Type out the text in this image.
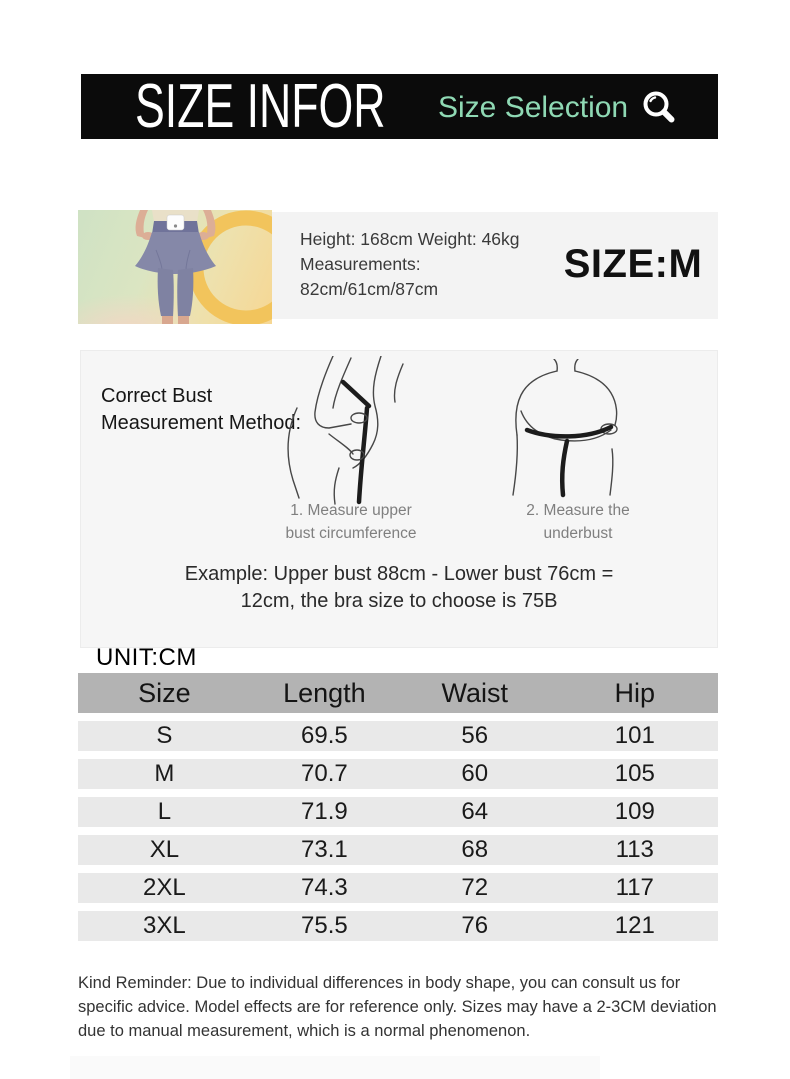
SIZE INFOR Size Selection
Height: 168cm Weight: 46kg
Measurements:
82cm/61cm/87cm
SIZE:M
Correct Bust
Measurement Method:
1. Measure upper
bust circumference
2. Measure the
underbust
Example: Upper bust 88cm - Lower bust 76cm =
12cm, the bra size to choose is 75B
UNIT:CM
Size	Length	Waist	Hip
S	69.5	56	101
M	70.7	60	105
L	71.9	64	109
XL	73.1	68	113
2XL	74.3	72	117
3XL	75.5	76	121
Kind Reminder: Due to individual differences in body shape, you can consult us for specific advice. Model effects are for reference only. Sizes may have a 2-3CM deviation due to manual measurement, which is a normal phenomenon.
